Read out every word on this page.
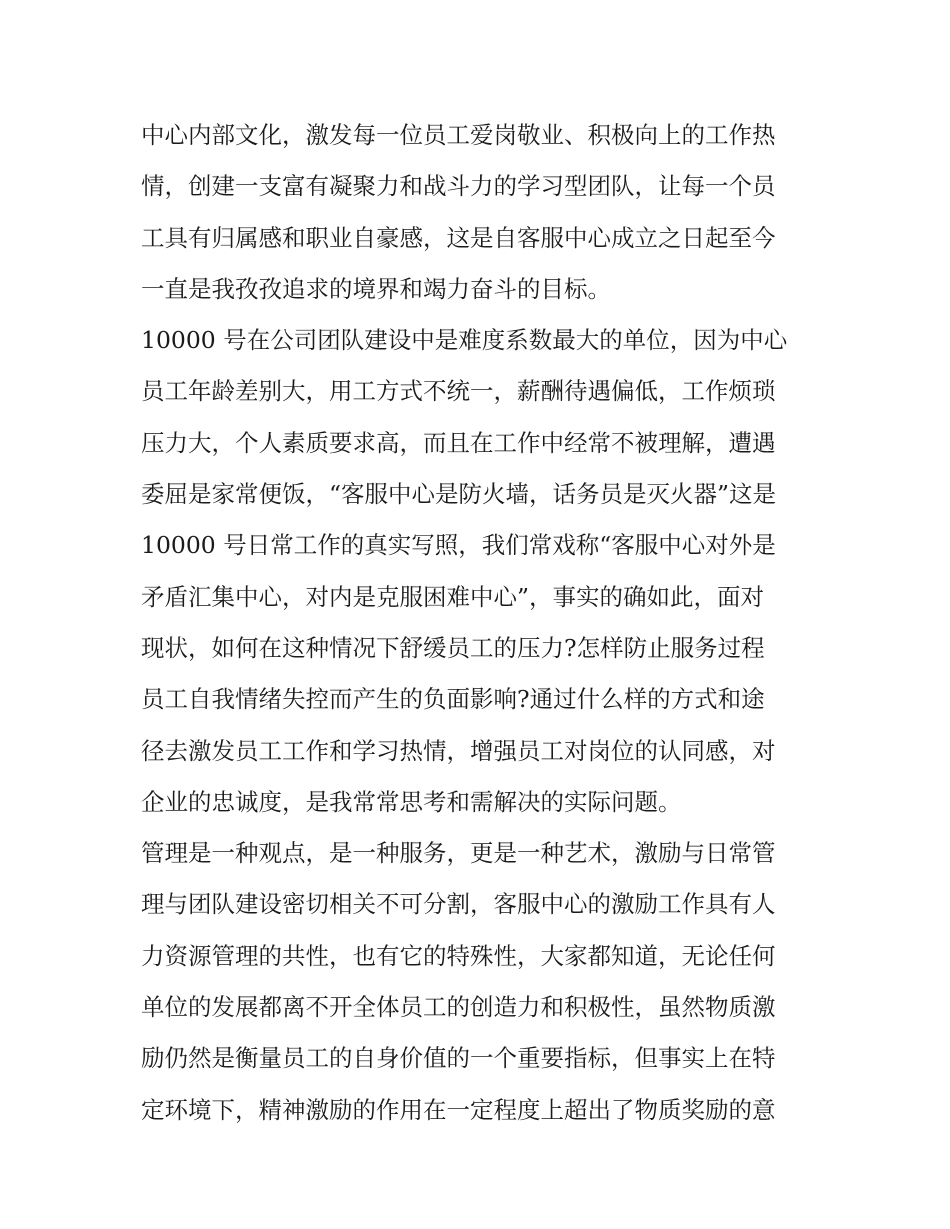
中心内部文化，激发每一位员工爱岗敬业、积极向上的工作热
情，创建一支富有凝聚力和战斗力的学习型团队，让每一个员
工具有归属感和职业自豪感，这是自客服中心成立之日起至今
一直是我孜孜追求的境界和竭力奋斗的目标。
10000 号在公司团队建设中是难度系数最大的单位，因为中心
员工年龄差别大，用工方式不统一，薪酬待遇偏低，工作烦琐
压力大，个人素质要求高，而且在工作中经常不被理解，遭遇
委屈是家常便饭，“客服中心是防火墙，话务员是灭火器”这是
10000 号日常工作的真实写照，我们常戏称“客服中心对外是
矛盾汇集中心，对内是克服困难中心”，事实的确如此，面对
现状，如何在这种情况下舒缓员工的压力?怎样防止服务过程
员工自我情绪失控而产生的负面影响?通过什么样的方式和途
径去激发员工工作和学习热情，增强员工对岗位的认同感，对
企业的忠诚度，是我常常思考和需解决的实际问题。
管理是一种观点，是一种服务，更是一种艺术，激励与日常管
理与团队建设密切相关不可分割，客服中心的激励工作具有人
力资源管理的共性，也有它的特殊性，大家都知道，无论任何
单位的发展都离不开全体员工的创造力和积极性，虽然物质激
励仍然是衡量员工的自身价值的一个重要指标，但事实上在特
定环境下，精神激励的作用在一定程度上超出了物质奖励的意
